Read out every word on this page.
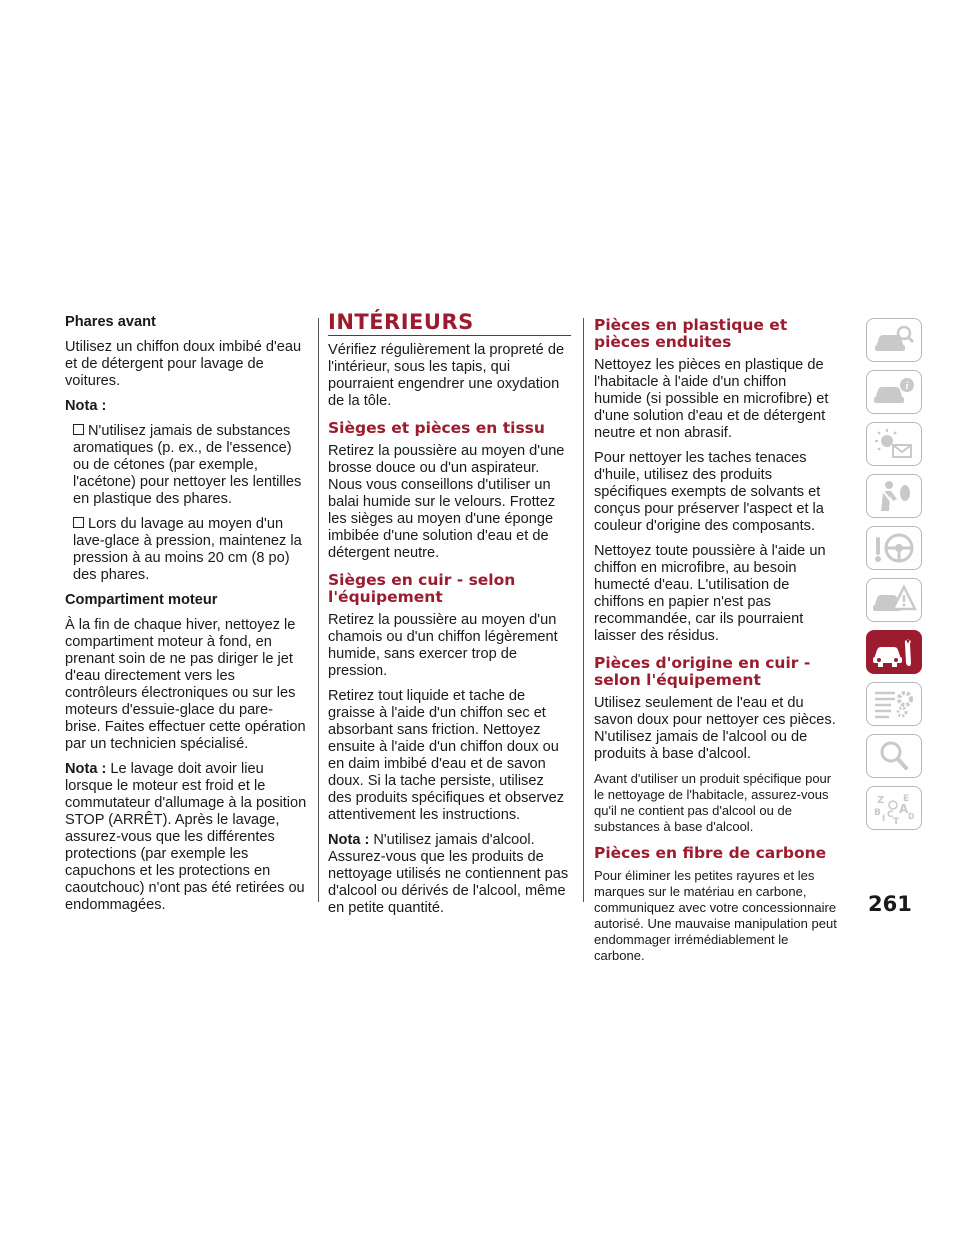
Phares avant

Utilisez un chiffon doux imbibé d'eau et de détergent pour lavage de voitures.

Nota :

N'utilisez jamais de substances aromatiques (p. ex., de l'essence) ou de cétones (par exemple, l'acétone) pour nettoyer les lentilles en plastique des phares.
Lors du lavage au moyen d'un lave-glace à pression, maintenez la pression à au moins 20 cm (8 po) des phares.

Compartiment moteur

À la fin de chaque hiver, nettoyez le compartiment moteur à fond, en prenant soin de ne pas diriger le jet d'eau directement vers les contrôleurs électroniques ou sur les moteurs d'essuie-glace du pare-brise. Faites effectuer cette opération par un technicien spécialisé.

Nota : Le lavage doit avoir lieu lorsque le moteur est froid et le commutateur d'allumage à la position STOP (ARRÊT). Après le lavage, assurez-vous que les différentes protections (par exemple les capuchons et les protections en caoutchouc) n'ont pas été retirées ou endommagées.

INTÉRIEURS

Vérifiez régulièrement la propreté de l'intérieur, sous les tapis, qui pourraient engendrer une oxydation de la tôle.

Sièges et pièces en tissu

Retirez la poussière au moyen d'une brosse douce ou d'un aspirateur. Nous vous conseillons d'utiliser un balai humide sur le velours. Frottez les sièges au moyen d'une éponge imbibée d'une solution d'eau et de détergent neutre.

Sièges en cuir - selon l'équipement

Retirez la poussière au moyen d'un chamois ou d'un chiffon légèrement humide, sans exercer trop de pression.

Retirez tout liquide et tache de graisse à l'aide d'un chiffon sec et absorbant sans friction. Nettoyez ensuite à l'aide d'un chiffon doux ou en daim imbibé d'eau et de savon doux. Si la tache persiste, utilisez des produits spécifiques et observez attentivement les instructions.

Nota : N'utilisez jamais d'alcool. Assurez-vous que les produits de nettoyage utilisés ne contiennent pas d'alcool ou dérivés de l'alcool, même en petite quantité.

Pièces en plastique et pièces enduites

Nettoyez les pièces en plastique de l'habitacle à l'aide d'un chiffon humide (si possible en microfibre) et d'une solution d'eau et de détergent neutre et non abrasif.

Pour nettoyer les taches tenaces d'huile, utilisez des produits spécifiques exempts de solvants et conçus pour préserver l'aspect et la couleur d'origine des composants.

Nettoyez toute poussière à l'aide un chiffon en microfibre, au besoin humecté d'eau. L'utilisation de chiffons en papier n'est pas recommandée, car ils pourraient laisser des résidus.

Pièces d'origine en cuir - selon l'équipement

Utilisez seulement de l'eau et du savon doux pour nettoyer ces pièces. N'utilisez jamais de l'alcool ou de produits à base d'alcool.

Avant d'utiliser un produit spécifique pour le nettoyage de l'habitacle, assurez-vous qu'il ne contient pas d'alcool ou de substances à base d'alcool.

Pièces en fibre de carbone

Pour éliminer les petites rayures et les marques sur le matériau en carbone, communiquez avec votre concessionnaire autorisé. Une mauvaise manipulation peut endommager irrémédiablement le carbone.

i
Z E
B A
I C
T
D
261
